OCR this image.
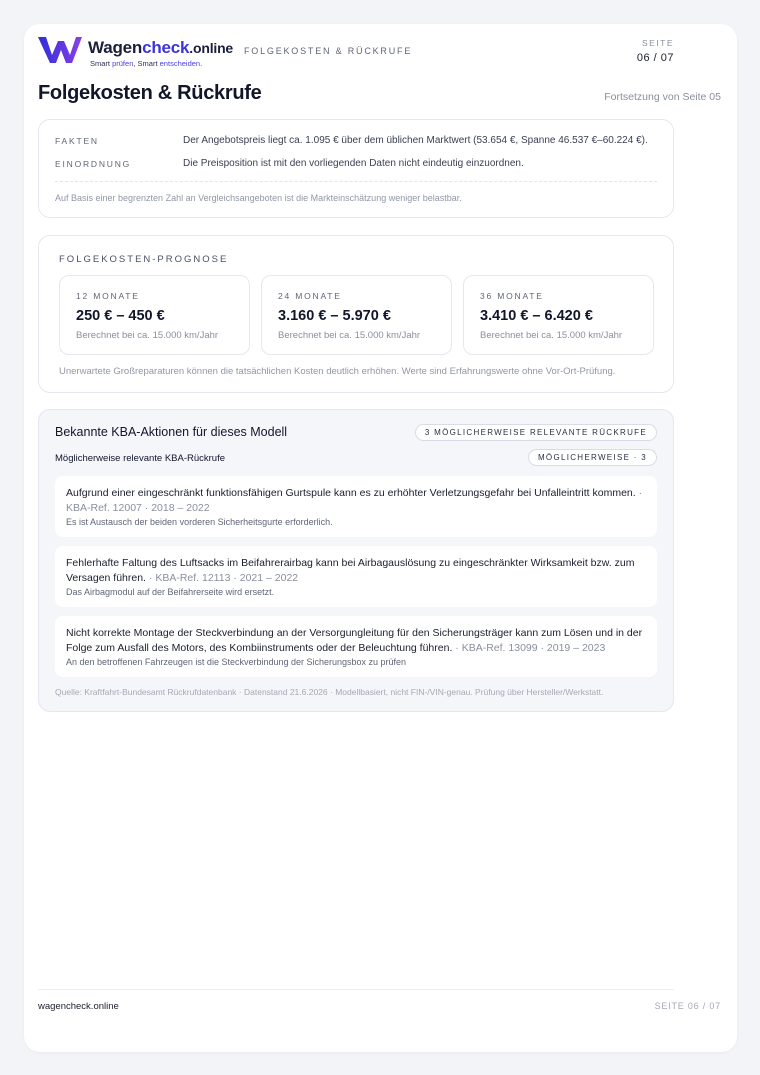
Wagencheck.online
Smart prüfen, Smart entscheiden.
FOLGEKOSTEN & RÜCKRUFE
SEITE
06 / 07
Folgekosten & Rückrufe	Fortsetzung von Seite 05
FAKTEN	Der Angebotspreis liegt ca. 1.095 € über dem üblichen Marktwert (53.654 €, Spanne 46.537 €–60.224 €).
EINORDNUNG	Die Preisposition ist mit den vorliegenden Daten nicht eindeutig einzuordnen.
Auf Basis einer begrenzten Zahl an Vergleichsangeboten ist die Markteinschätzung weniger belastbar.
FOLGEKOSTEN-PROGNOSE
12 MONATE
250 € – 450 €
Berechnet bei ca. 15.000 km/Jahr
24 MONATE
3.160 € – 5.970 €
Berechnet bei ca. 15.000 km/Jahr
36 MONATE
3.410 € – 6.420 €
Berechnet bei ca. 15.000 km/Jahr
Unerwartete Großreparaturen können die tatsächlichen Kosten deutlich erhöhen. Werte sind Erfahrungswerte ohne Vor-Ort-Prüfung.
Bekannte KBA-Aktionen für dieses Modell	3 MÖGLICHERWEISE RELEVANTE RÜCKRUFE
Möglicherweise relevante KBA-Rückrufe	MÖGLICHERWEISE · 3
Aufgrund einer eingeschränkt funktionsfähigen Gurtspule kann es zu erhöhter Verletzungsgefahr bei Unfalleintritt kommen. · KBA-Ref. 12007 · 2018 – 2022
Es ist Austausch der beiden vorderen Sicherheitsgurte erforderlich.
Fehlerhafte Faltung des Luftsacks im Beifahrerairbag kann bei Airbagauslösung zu eingeschränkter Wirksamkeit bzw. zum Versagen führen. · KBA-Ref. 12113 · 2021 – 2022
Das Airbagmodul auf der Beifahrerseite wird ersetzt.
Nicht korrekte Montage der Steckverbindung an der Versorgungleitung für den Sicherungsträger kann zum Lösen und in der Folge zum Ausfall des Motors, des Kombiinstruments oder der Beleuchtung führen. · KBA-Ref. 13099 · 2019 – 2023
An den betroffenen Fahrzeugen ist die Steckverbindung der Sicherungsbox zu prüfen
Quelle: Kraftfahrt-Bundesamt Rückrufdatenbank · Datenstand 21.6.2026 · Modellbasiert, nicht FIN-/VIN-genau. Prüfung über Hersteller/Werkstatt.
wagencheck.online	SEITE 06 / 07
